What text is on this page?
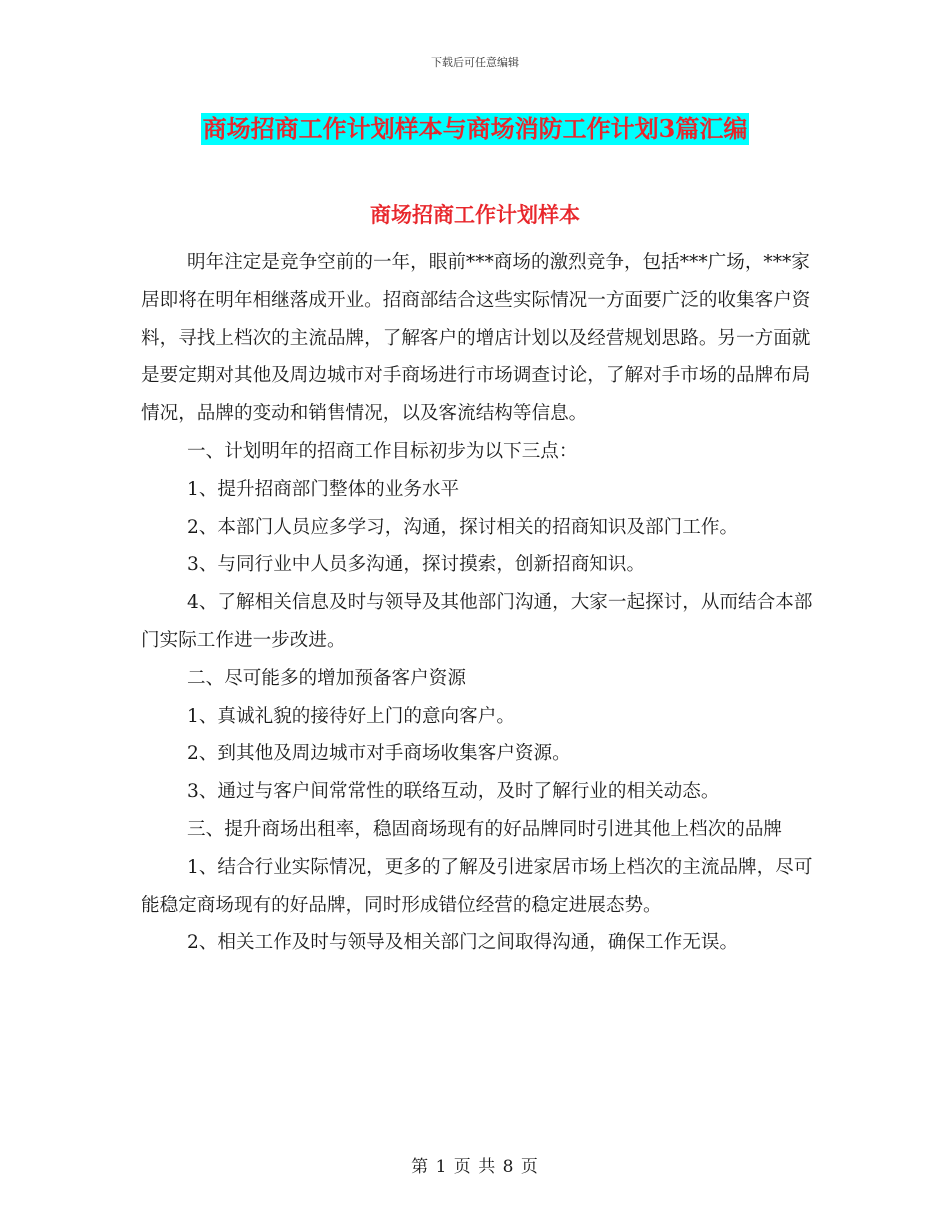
下载后可任意编辑
商场招商工作计划样本与商场消防工作计划3篇汇编
商场招商工作计划样本

明年注定是竞争空前的一年，眼前***商场的激烈竞争，包括***广场，***家居即将在明年相继落成开业。招商部结合这些实际情况一方面要广泛的收集客户资料，寻找上档次的主流品牌，了解客户的增店计划以及经营规划思路。另一方面就是要定期对其他及周边城市对手商场进行市场调查讨论，了解对手市场的品牌布局情况，品牌的变动和销售情况，以及客流结构等信息。

一、计划明年的招商工作目标初步为以下三点：

1、提升招商部门整体的业务水平

2、本部门人员应多学习，沟通，探讨相关的招商知识及部门工作。

3、与同行业中人员多沟通，探讨摸索，创新招商知识。

4、了解相关信息及时与领导及其他部门沟通，大家一起探讨，从而结合本部门实际工作进一步改进。

二、尽可能多的增加预备客户资源

1、真诚礼貌的接待好上门的意向客户。

2、到其他及周边城市对手商场收集客户资源。

3、通过与客户间常常性的联络互动，及时了解行业的相关动态。

三、提升商场出租率，稳固商场现有的好品牌同时引进其他上档次的品牌

1、结合行业实际情况，更多的了解及引进家居市场上档次的主流品牌，尽可能稳定商场现有的好品牌，同时形成错位经营的稳定进展态势。

2、相关工作及时与领导及相关部门之间取得沟通，确保工作无误。

第 1 页 共 8 页
